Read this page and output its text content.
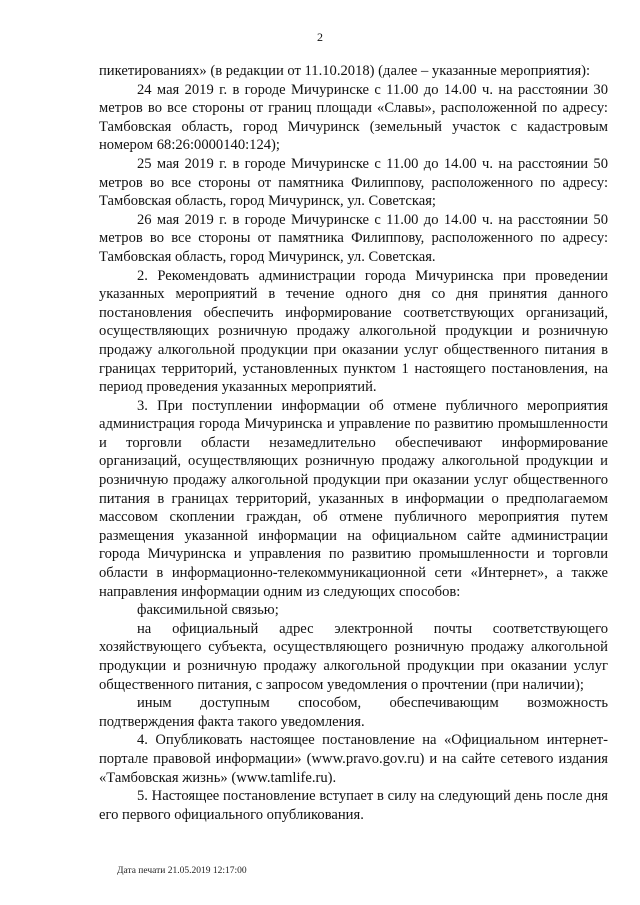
2

пикетированиях» (в редакции от 11.10.2018) (далее – указанные мероприятия):

24 мая 2019 г. в городе Мичуринске с 11.00 до 14.00 ч. на расстоянии 30 метров во все стороны от границ площади «Славы», расположенной по адресу: Тамбовская область, город Мичуринск (земельный участок с кадастровым номером 68:26:0000140:124);

25 мая 2019 г. в городе Мичуринске с 11.00 до 14.00 ч. на расстоянии 50 метров во все стороны от памятника Филиппову, расположенного по адресу: Тамбовская область, город Мичуринск, ул. Советская;

26 мая 2019 г. в городе Мичуринске с 11.00 до 14.00 ч. на расстоянии 50 метров во все стороны от памятника Филиппову, расположенного по адресу: Тамбовская область, город Мичуринск, ул. Советская.

2. Рекомендовать администрации города Мичуринска при проведении указанных мероприятий в течение одного дня со дня принятия данного постановления обеспечить информирование соответствующих организаций, осуществляющих розничную продажу алкогольной продукции и розничную продажу алкогольной продукции при оказании услуг общественного питания в границах территорий, установленных пунктом 1 настоящего постановления, на период проведения указанных мероприятий.

3. При поступлении информации об отмене публичного мероприятия администрация города Мичуринска и управление по развитию промышленности и торговли области незамедлительно обеспечивают информирование организаций, осуществляющих розничную продажу алкогольной продукции и розничную продажу алкогольной продукции при оказании услуг общественного питания в границах территорий, указанных в информации о предполагаемом массовом скоплении граждан, об отмене публичного мероприятия путем размещения указанной информации на официальном сайте администрации города Мичуринска и управления по развитию промышленности и торговли области в информационно-телекоммуникационной сети «Интернет», а также направления информации одним из следующих способов:

факсимильной связью;

на официальный адрес электронной почты соответствующего хозяйствующего субъекта, осуществляющего розничную продажу алкогольной продукции и розничную продажу алкогольной продукции при оказании услуг общественного питания, с запросом уведомления о прочтении (при наличии);

иным доступным способом, обеспечивающим возможность подтверждения факта такого уведомления.

4. Опубликовать настоящее постановление на «Официальном интернет-портале правовой информации» (www.pravo.gov.ru) и на сайте сетевого издания «Тамбовская жизнь» (www.tamlife.ru).

5. Настоящее постановление вступает в силу на следующий день после дня его первого официального опубликования.

Дата печати 21.05.2019 12:17:00
